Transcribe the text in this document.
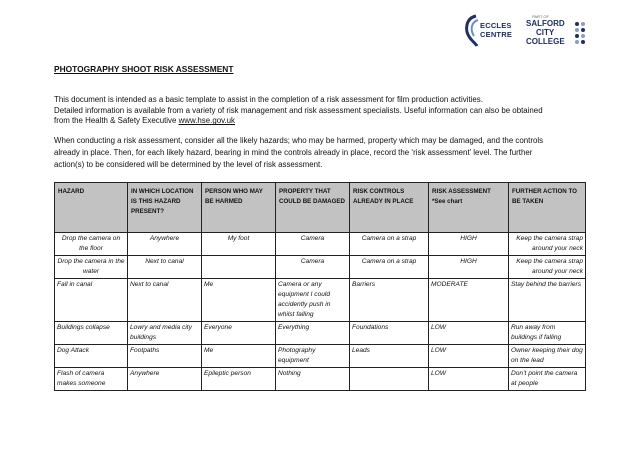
ECCLES
CENTRE
PART OF
SALFORD
CITY
COLLEGE
PHOTOGRAPHY SHOOT RISK ASSESSMENT
This document is intended as a basic template to assist in the completion of a risk assessment for film production activities.
Detailed information is available from a variety of risk management and risk assessment specialists. Useful information can also be obtained
from the Health & Safety Executive www.hse.gov.uk
When conducting a risk assessment, consider all the likely hazards; who may be harmed, property which may be damaged, and the controls
already in place. Then, for each likely hazard, bearing in mind the controls already in place, record the ‘risk assessment’ level. The further
action(s) to be considered will be determined by the level of risk assessment.
HAZARD	IN WHICH LOCATION IS THIS HAZARD PRESENT?	PERSON WHO MAY BE HARMED	PROPERTY THAT COULD BE DAMAGED	RISK CONTROLS ALREADY IN PLACE	RISK ASSESSMENT *See chart	FURTHER ACTION TO BE TAKEN
Drop the camera on the floor	Anywhere	My foot	Camera	Camera on a strap	HIGH	Keep the camera strap around your neck
Drop the camera in the water	Next to canal		Camera	Camera on a strap	HIGH	Keep the camera strap around your neck
Fall in canal	Next to canal	Me	Camera or any equipment I could accidently push in whilst falling	Barriers	MODERATE	Stay behind the barriers
Buildings collapse	Lowry and media city buildings	Everyone	Everything	Foundations	LOW	Run away from buildings if falling
Dog Attack	Footpaths	Me	Photography equipment	Leads	LOW	Owner keeping their dog on the lead
Flash of camera makes someone	Anywhere	Epileptic person	Nothing		LOW	Don’t point the camera at people
